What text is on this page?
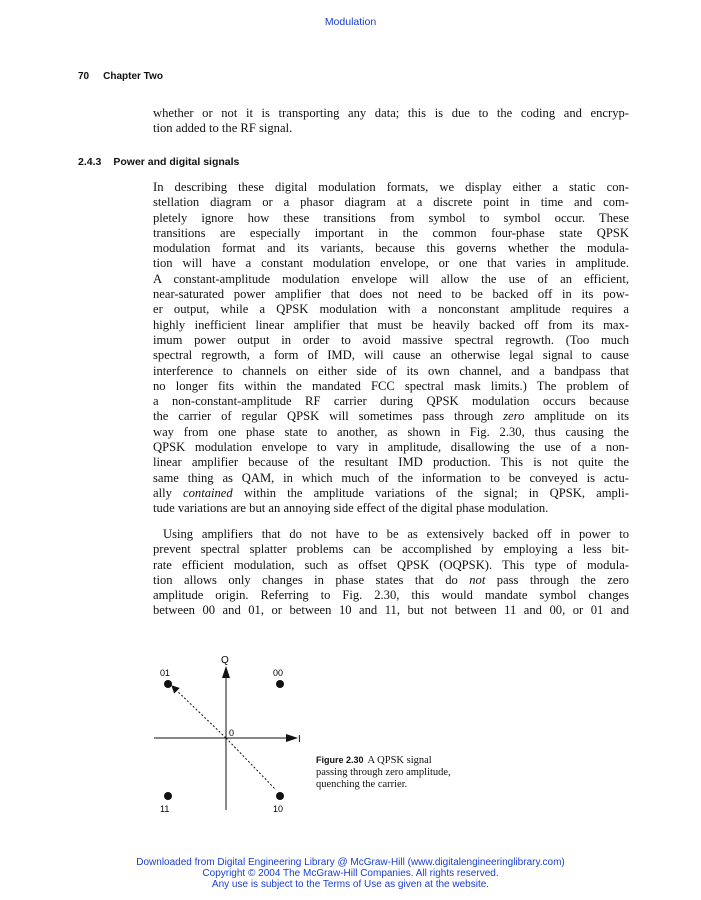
Modulation
70 Chapter Two
whether or not it is transporting any data; this is due to the coding and encryp-
tion added to the RF signal.
2.4.3 Power and digital signals
In describing these digital modulation formats, we display either a static con-
stellation diagram or a phasor diagram at a discrete point in time and com-
pletely ignore how these transitions from symbol to symbol occur. These
transitions are especially important in the common four-phase state QPSK
modulation format and its variants, because this governs whether the modula-
tion will have a constant modulation envelope, or one that varies in amplitude.
A constant-amplitude modulation envelope will allow the use of an efficient,
near-saturated power amplifier that does not need to be backed off in its pow-
er output, while a QPSK modulation with a nonconstant amplitude requires a
highly inefficient linear amplifier that must be heavily backed off from its max-
imum power output in order to avoid massive spectral regrowth. (Too much
spectral regrowth, a form of IMD, will cause an otherwise legal signal to cause
interference to channels on either side of its own channel, and a bandpass that
no longer fits within the mandated FCC spectral mask limits.) The problem of
a non-constant-amplitude RF carrier during QPSK modulation occurs because
the carrier of regular QPSK will sometimes pass through zero amplitude on its
way from one phase state to another, as shown in Fig. 2.30, thus causing the
QPSK modulation envelope to vary in amplitude, disallowing the use of a non-
linear amplifier because of the resultant IMD production. This is not quite the
same thing as QAM, in which much of the information to be conveyed is actu-
ally contained within the amplitude variations of the signal; in QPSK, ampli-
tude variations are but an annoying side effect of the digital phase modulation.
Using amplifiers that do not have to be as extensively backed off in power to
prevent spectral splatter problems can be accomplished by employing a less bit-
rate efficient modulation, such as offset QPSK (OQPSK). This type of modula-
tion allows only changes in phase states that do not pass through the zero
amplitude origin. Referring to Fig. 2.30, this would mandate symbol changes
between 00 and 01, or between 10 and 11, but not between 11 and 00, or 01 and
Q
I
0
01	00
11	10
Figure 2.30 A QPSK signal
passing through zero amplitude,
quenching the carrier.
Downloaded from Digital Engineering Library @ McGraw-Hill (www.digitalengineeringlibrary.com)
Copyright © 2004 The McGraw-Hill Companies. All rights reserved.
Any use is subject to the Terms of Use as given at the website.
